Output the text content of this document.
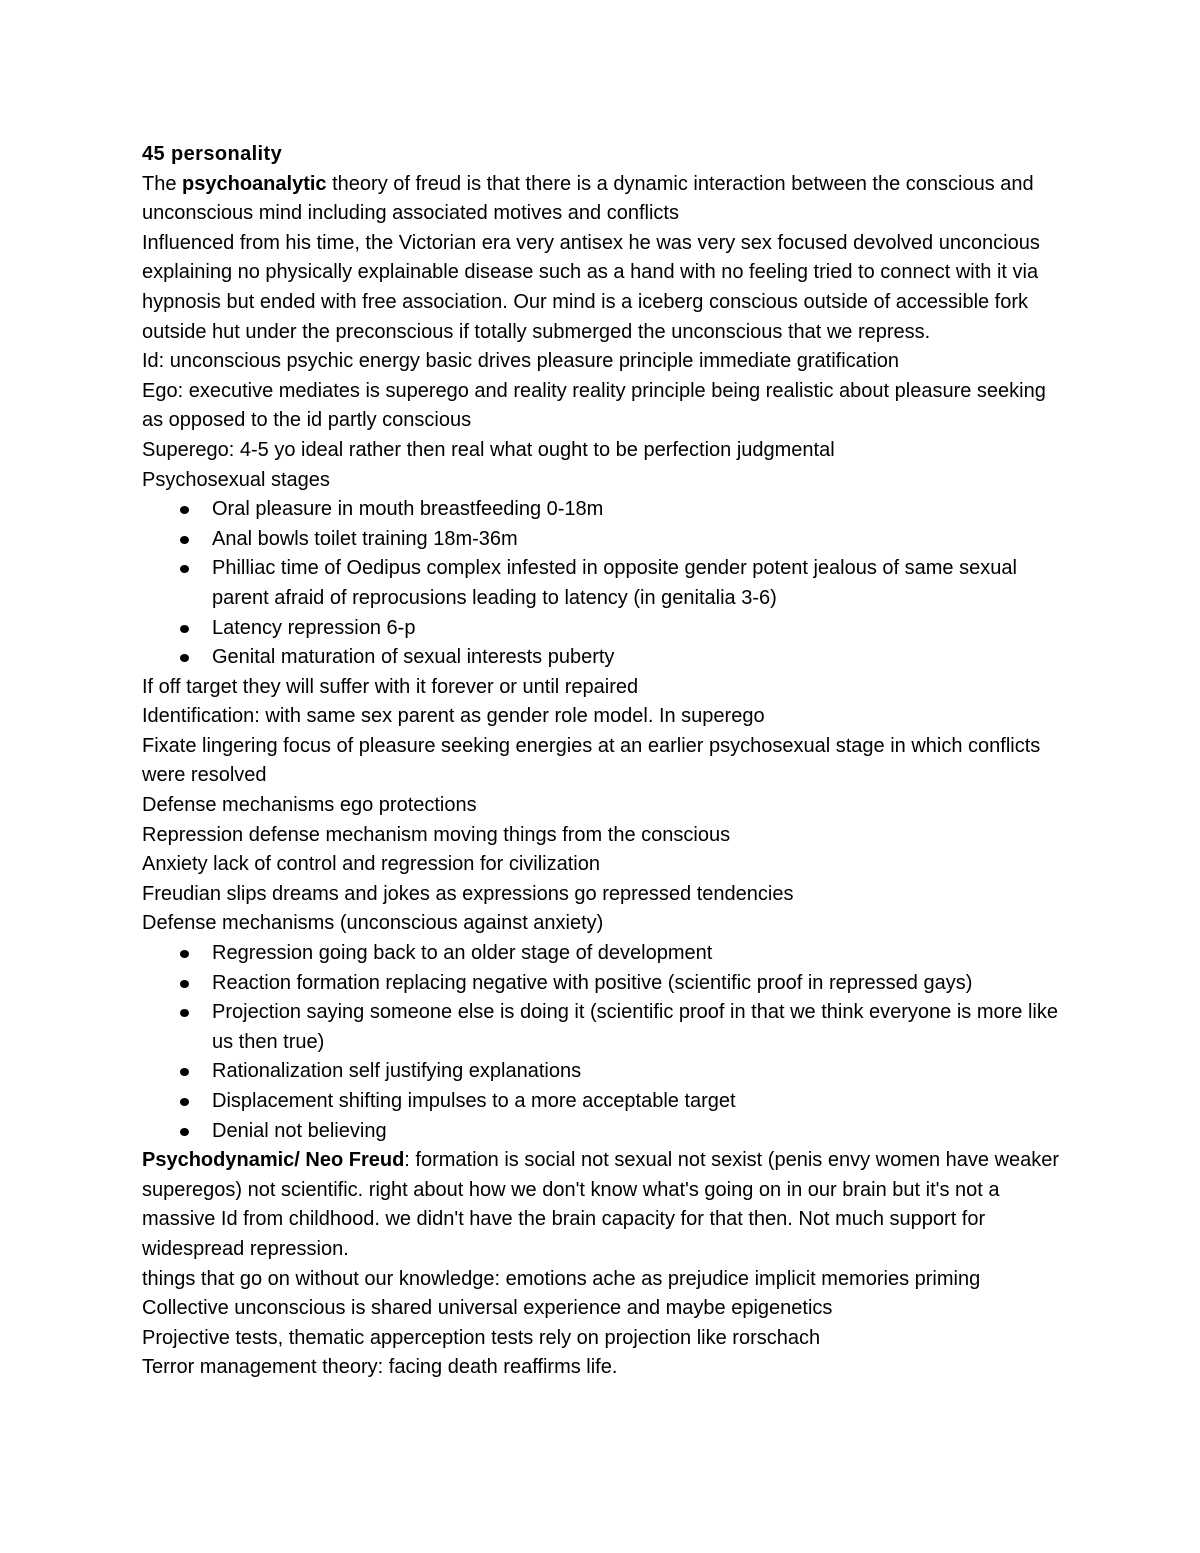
45 personality

The psychoanalytic theory of freud is that there is a dynamic interaction between the conscious and unconscious mind including associated motives and conflicts

Influenced from his time, the Victorian era very antisex he was very sex focused devolved unconcious explaining no physically explainable disease such as a hand with no feeling tried to connect with it via hypnosis but ended with free association. Our mind is a iceberg conscious outside of accessible fork outside hut under the preconscious if totally submerged the unconscious that we repress.

Id: unconscious psychic energy basic drives pleasure principle immediate gratification

Ego: executive mediates is superego and reality reality principle being realistic about pleasure seeking as opposed to the id partly conscious

Superego: 4-5 yo ideal rather then real what ought to be perfection judgmental

Psychosexual stages

Oral pleasure in mouth breastfeeding 0-18m
Anal bowls toilet training 18m-36m
Philliac time of Oedipus complex infested in opposite gender potent jealous of same sexual parent afraid of reprocusions leading to latency (in genitalia 3-6)
Latency repression 6-p
Genital maturation of sexual interests puberty

If off target they will suffer with it forever or until repaired

Identification: with same sex parent as gender role model. In superego

Fixate lingering focus of pleasure seeking energies at an earlier psychosexual stage in which conflicts were resolved

Defense mechanisms ego protections

Repression defense mechanism moving things from the conscious

Anxiety lack of control and regression for civilization

Freudian slips dreams and jokes as expressions go repressed tendencies

Defense mechanisms (unconscious against anxiety)

Regression going back to an older stage of development
Reaction formation replacing negative with positive (scientific proof in repressed gays)
Projection saying someone else is doing it (scientific proof in that we think everyone is more like us then true)
Rationalization self justifying explanations
Displacement shifting impulses to a more acceptable target
Denial not believing

Psychodynamic/ Neo Freud: formation is social not sexual not sexist (penis envy women have weaker superegos) not scientific. right about how we don't know what's going on in our brain but it's not a massive Id from childhood. we didn't have the brain capacity for that then. Not much support for widespread repression.

things that go on without our knowledge: emotions ache as prejudice implicit memories priming

Collective unconscious is shared universal experience and maybe epigenetics

Projective tests, thematic apperception tests rely on projection like rorschach

Terror management theory: facing death reaffirms life.
